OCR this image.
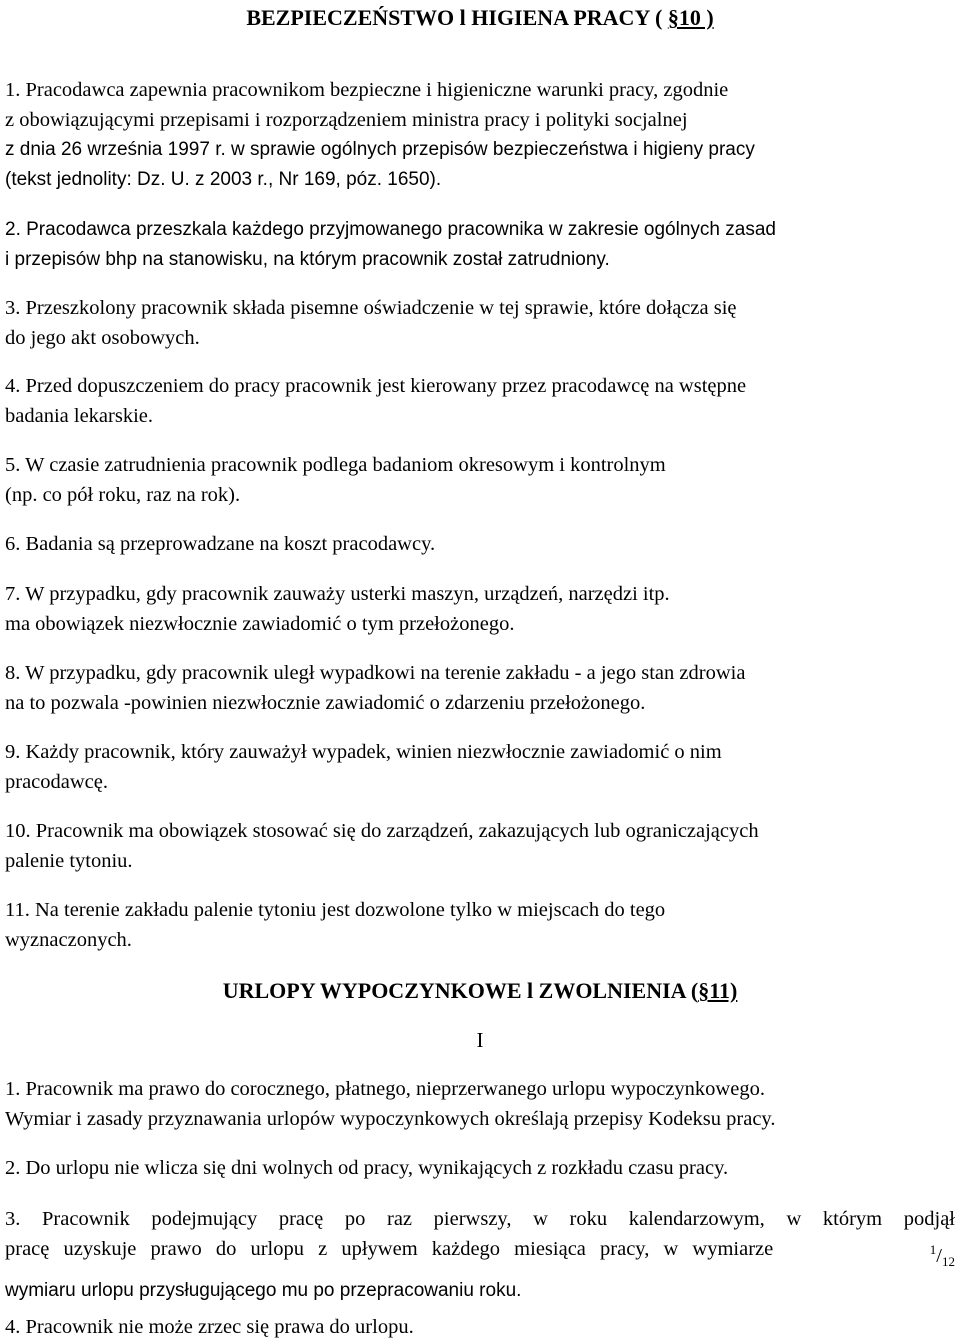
BEZPIECZEŃSTWO l HIGIENA PRACY ( §10 )
1. Pracodawca zapewnia pracownikom bezpieczne i higieniczne warunki pracy, zgodnie
z obowiązującymi przepisami i rozporządzeniem ministra pracy i polityki socjalnej
z dnia 26 września 1997 r. w sprawie ogólnych przepisów bezpieczeństwa i higieny pracy
(tekst jednolity: Dz. U. z 2003 r., Nr 169, póz. 1650).
2. Pracodawca przeszkala każdego przyjmowanego pracownika w zakresie ogólnych zasad
i przepisów bhp na stanowisku, na którym pracownik został zatrudniony.
3. Przeszkolony pracownik składa pisemne oświadczenie w tej sprawie, które dołącza się
do jego akt osobowych.
4. Przed dopuszczeniem do pracy pracownik jest kierowany przez pracodawcę na wstępne
badania lekarskie.
5. W czasie zatrudnienia pracownik podlega badaniom okresowym i kontrolnym
(np. co pół roku, raz na rok).
6. Badania są przeprowadzane na koszt pracodawcy.
7. W przypadku, gdy pracownik zauważy usterki maszyn, urządzeń, narzędzi itp.
ma obowiązek niezwłocznie zawiadomić o tym przełożonego.
8. W przypadku, gdy pracownik uległ wypadkowi na terenie zakładu - a jego stan zdrowia
na to pozwala -powinien niezwłocznie zawiadomić o zdarzeniu przełożonego.
9. Każdy pracownik, który zauważył wypadek, winien niezwłocznie zawiadomić o nim
pracodawcę.
10. Pracownik ma obowiązek stosować się do zarządzeń, zakazujących lub ograniczających
palenie tytoniu.
11. Na terenie zakładu palenie tytoniu jest dozwolone tylko w miejscach do tego
wyznaczonych.
URLOPY WYPOCZYNKOWE l ZWOLNIENIA (§11)
I
1. Pracownik ma prawo do corocznego, płatnego, nieprzerwanego urlopu wypoczynkowego.
Wymiar i zasady przyznawania urlopów wypoczynkowych określają przepisy Kodeksu pracy.
2. Do urlopu nie wlicza się dni wolnych od pracy, wynikających z rozkładu czasu pracy.
3. Pracownik podejmujący pracę po raz pierwszy, w roku kalendarzowym, w którym podjął
pracę uzyskuje prawo do urlopu z upływem każdego miesiąca pracy, w wymiarze	$^1/_{12}$
wymiaru urlopu przysługującego mu po przepracowaniu roku.
4. Pracownik nie może zrzec się prawa do urlopu.
